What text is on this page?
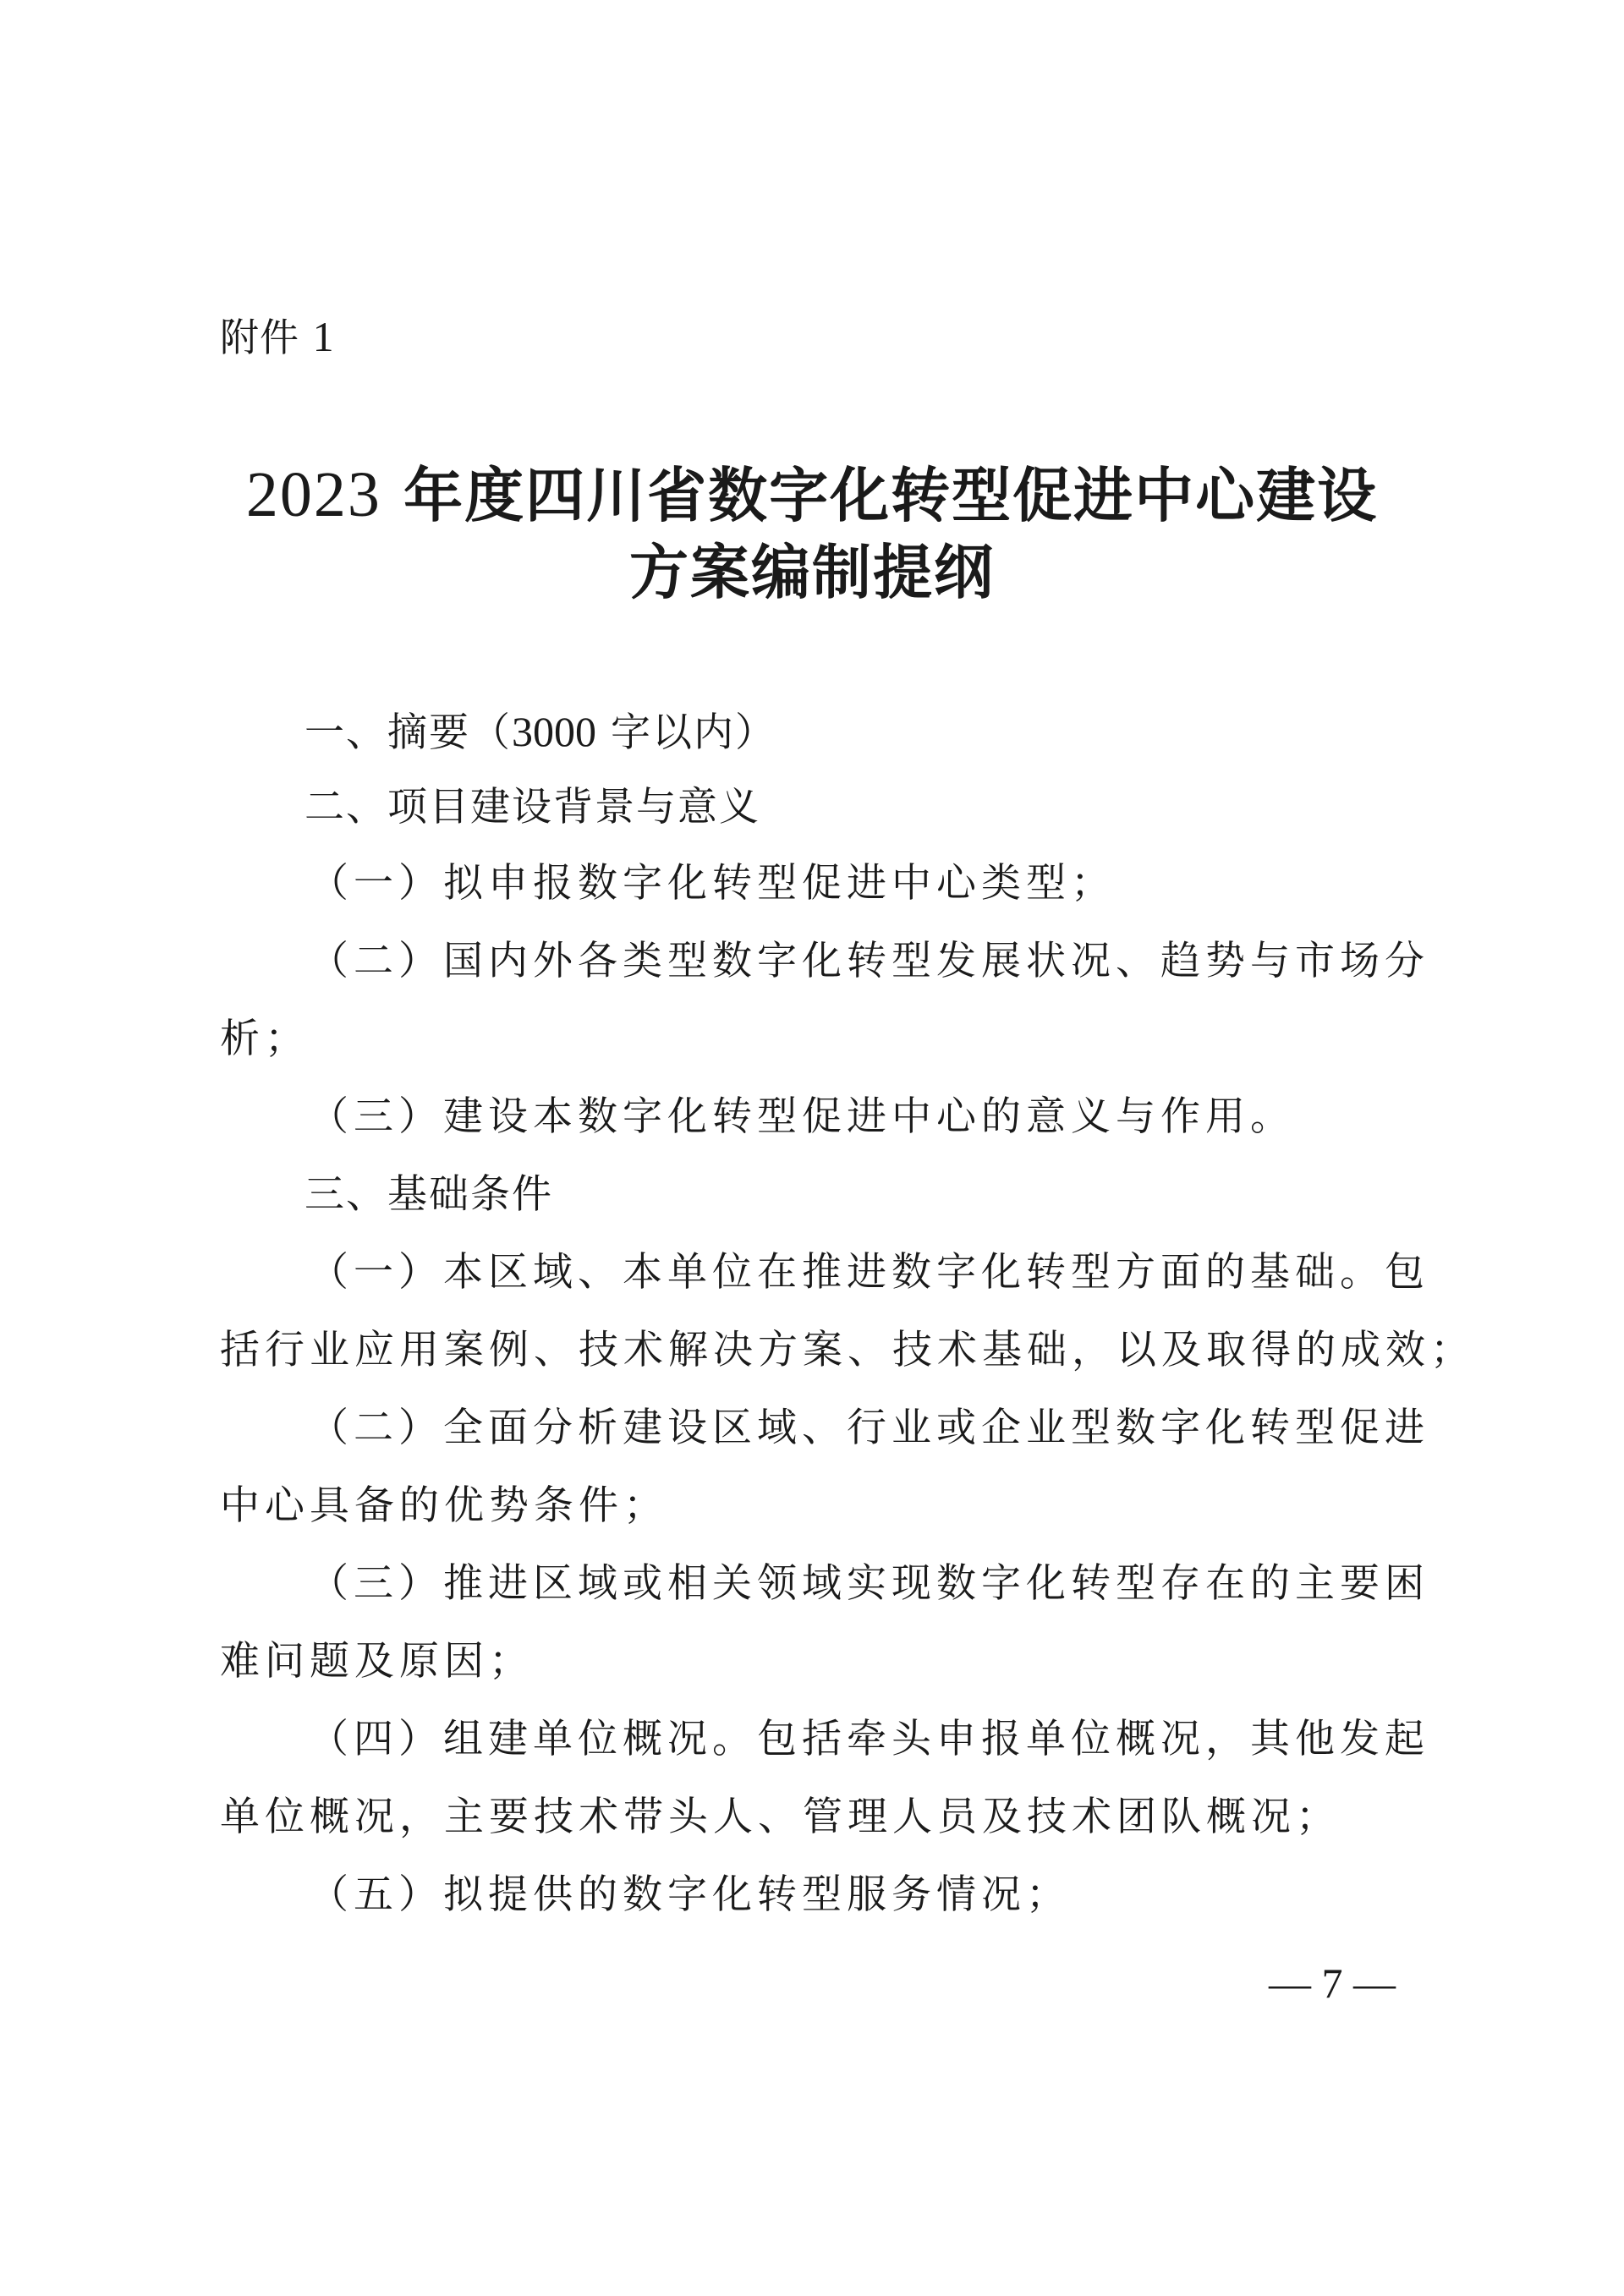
附件 1
2023 年度四川省数字化转型促进中心建设
方案编制提纲
一、摘要（3000 字以内）
二、项目建设背景与意义
（一）拟申报数字化转型促进中心类型；
（二）国内外各类型数字化转型发展状况、趋势与市场分
析；
（三）建设本数字化转型促进中心的意义与作用。
三、基础条件
（一）本区域、本单位在推进数字化转型方面的基础。包
括行业应用案例、技术解决方案、技术基础，以及取得的成效；
（二）全面分析建设区域、行业或企业型数字化转型促进
中心具备的优势条件；
（三）推进区域或相关领域实现数字化转型存在的主要困
难问题及原因；
（四）组建单位概况。包括牵头申报单位概况，其他发起
单位概况，主要技术带头人、管理人员及技术团队概况；
（五）拟提供的数字化转型服务情况；
— 7 —
